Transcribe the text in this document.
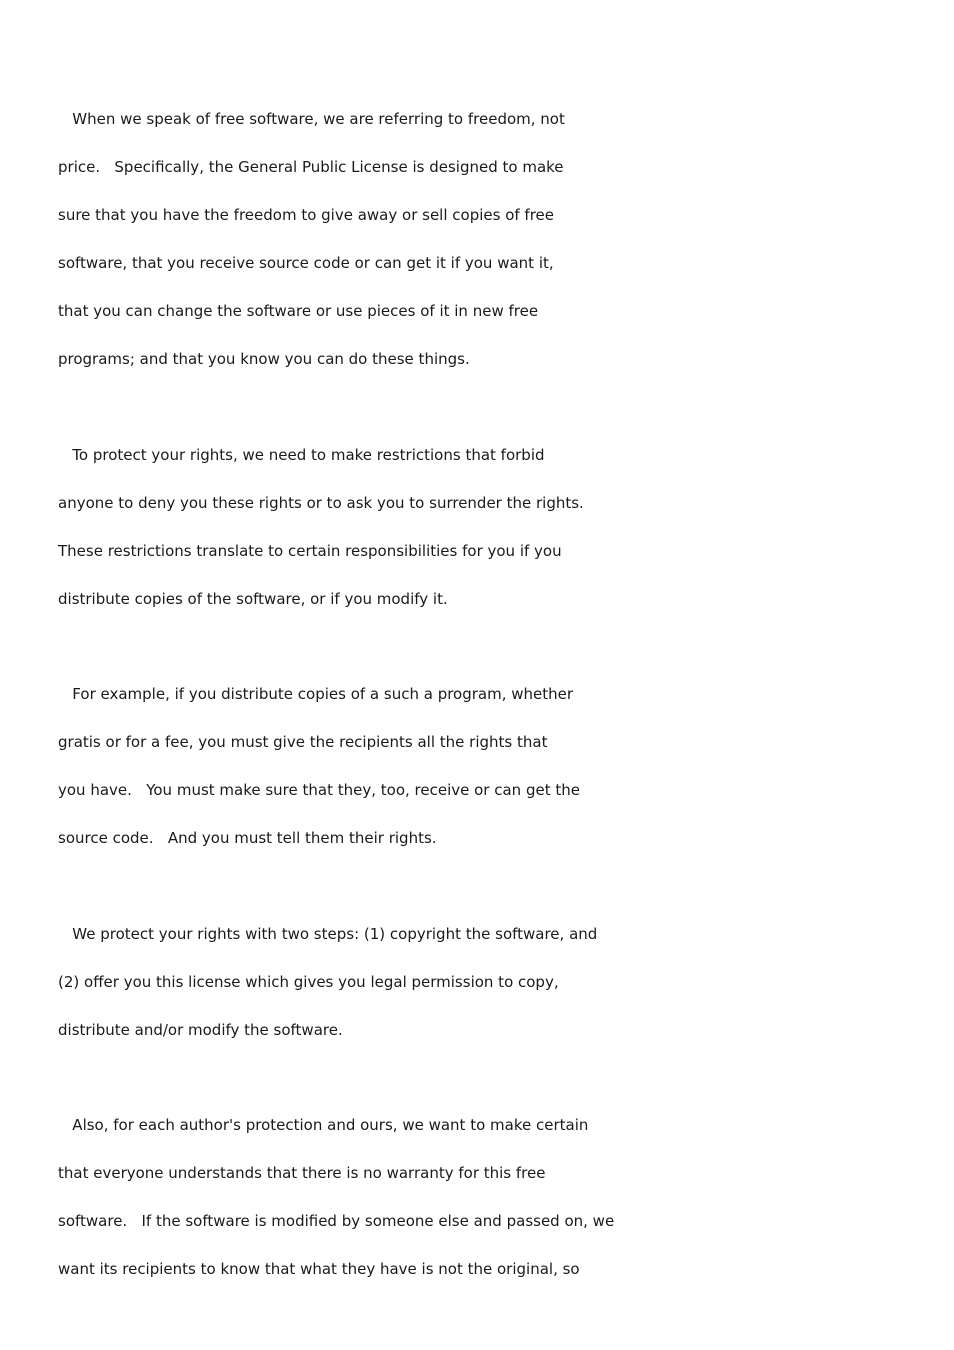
When we speak of free software, we are referring to freedom, not
price.   Specifically, the General Public License is designed to make
sure that you have the freedom to give away or sell copies of free
software, that you receive source code or can get it if you want it,
that you can change the software or use pieces of it in new free
programs; and that you know you can do these things.
To protect your rights, we need to make restrictions that forbid
anyone to deny you these rights or to ask you to surrender the rights.
These restrictions translate to certain responsibilities for you if you
distribute copies of the software, or if you modify it.
For example, if you distribute copies of a such a program, whether
gratis or for a fee, you must give the recipients all the rights that
you have.   You must make sure that they, too, receive or can get the
source code.   And you must tell them their rights.
We protect your rights with two steps: (1) copyright the software, and
(2) offer you this license which gives you legal permission to copy,
distribute and/or modify the software.
Also, for each author's protection and ours, we want to make certain
that everyone understands that there is no warranty for this free
software.   If the software is modified by someone else and passed on, we
want its recipients to know that what they have is not the original, so
